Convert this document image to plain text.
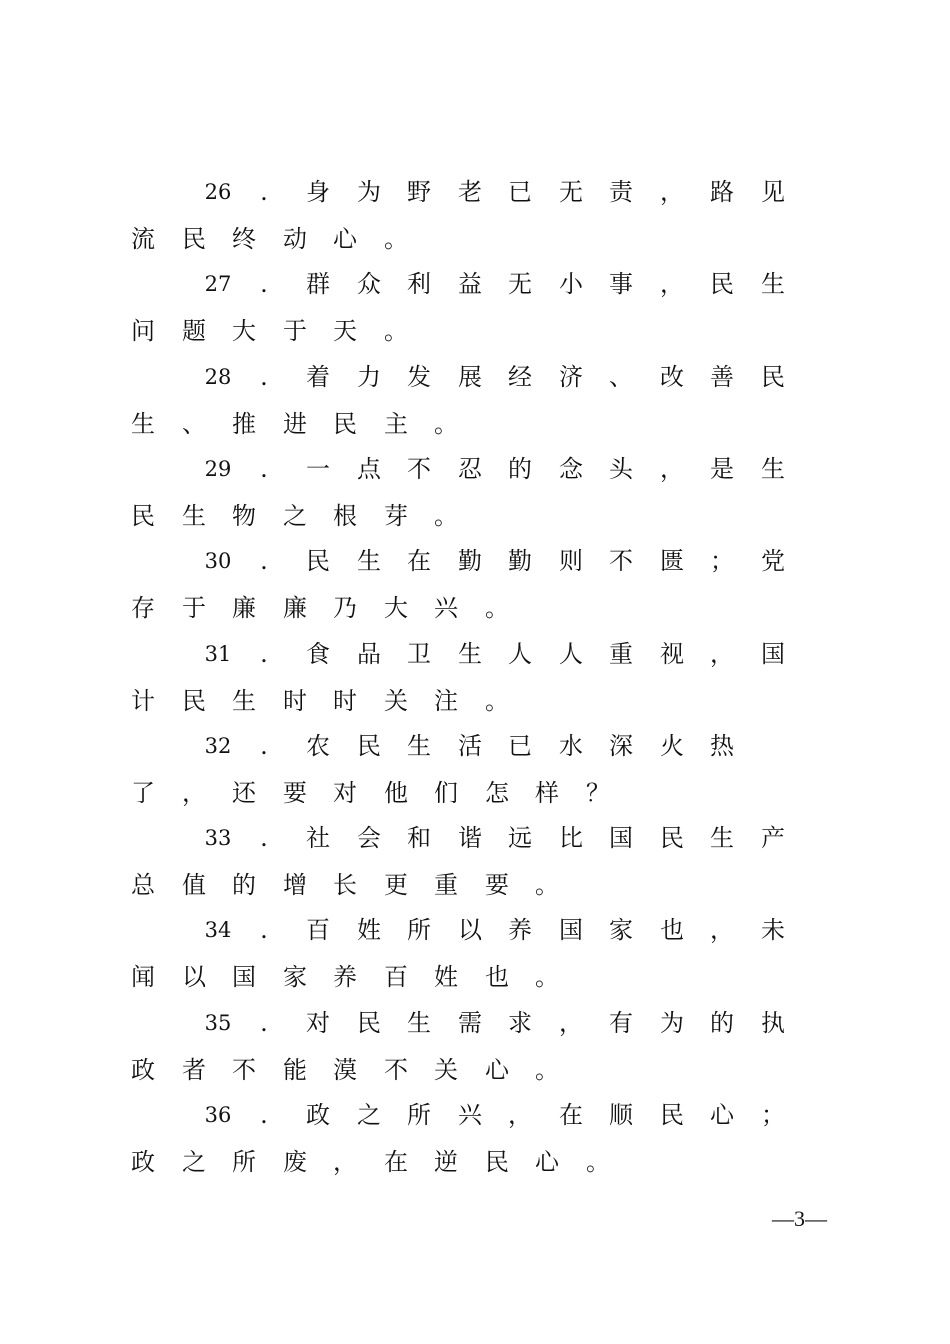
—3—
26	.	身 为 野 老 已 无 责 ， 路 见
流 民 终 动 心 。
27	.	群 众 利 益 无 小 事 ， 民 生
问 题 大 于 天 。
28	.	着 力 发 展 经 济 、 改 善 民
生 、 推 进 民 主 。
29	.	一 点 不 忍 的 念 头 ， 是 生
民 生 物 之 根 芽 。
30	.	民 生 在 勤 勤 则 不 匮 ； 党
存 于 廉 廉 乃 大 兴 。
31	.	食 品 卫 生 人 人 重 视 ， 国
计 民 生 时 时 关 注 。
32	.	农 民 生 活 已 水 深 火 热
了 ， 还 要 对 他 们 怎 样 ？
33	.	社 会 和 谐 远 比 国 民 生 产
总 值 的 增 长 更 重 要 。
34	.	百 姓 所 以 养 国 家 也 ， 未
闻 以 国 家 养 百 姓 也 。
35	.	对 民 生 需 求 ， 有 为 的 执
政 者 不 能 漠 不 关 心 。
36	.	政 之 所 兴 ， 在 顺 民 心 ；
政 之 所 废 ， 在 逆 民 心 。
